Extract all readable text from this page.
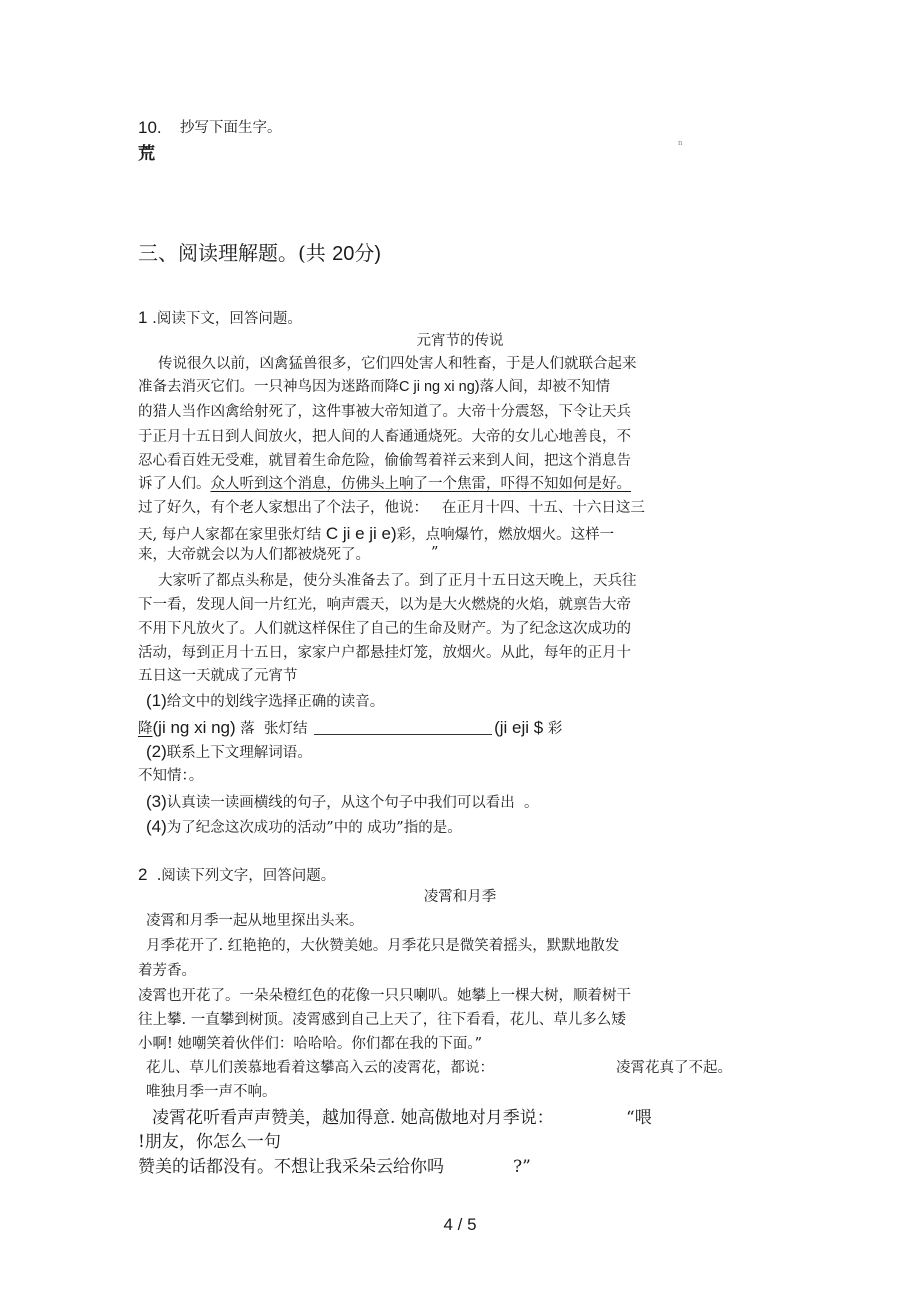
10. 抄写下面生字。
荒
n
三、阅读理解题。(共 20分)
1 .阅读下文，回答问题。
元宵节的传说
传说很久以前，凶禽猛兽很多，它们四处害人和牲畜，于是人们就联合起来
准备去消灭它们。一只神鸟因为迷路而降C ji ng xi ng)落人间，却被不知情
的猎人当作凶禽给射死了，这件事被大帝知道了。大帝十分震怒，下令让天兵
于正月十五日到人间放火，把人间的人畜通通烧死。大帝的女儿心地善良，不
忍心看百姓无受难，就冒着生命危险，偷偷驾着祥云来到人间，把这个消息告
诉了人们。众人听到这个消息，仿佛头上响了一个焦雷，吓得不知如何是好。
过了好久，有个老人家想出了个法子，他说： 在正月十四、十五、十六日这三
天, 每户人家都在家里张灯结 C ji e ji e)彩，点响爆竹，燃放烟火。这样一
来，大帝就会以为人们都被烧死了。	”
大家听了都点头称是，使分头准备去了。到了正月十五日这天晚上，天兵往
下一看，发现人间一片红光，响声震天，以为是大火燃烧的火焰，就禀告大帝
不用下凡放火了。人们就这样保住了自己的生命及财产。为了纪念这次成功的
活动，每到正月十五日，家家户户都悬挂灯笼，放烟火。从此，每年的正月十
五日这一天就成了元宵节
(1)给文中的划线字选择正确的读音。
降(ji ng xi ng) 落  张灯结	(ji eji $ 彩
(2)联系上下文理解词语。
不知情：。
(3)认真读一读画横线的句子，从这个句子中我们可以看出  。
(4)为了纪念这次成功的活动”中的 成功”指的是。
2 .阅读下列文字，回答问题。
凌霄和月季
凌霄和月季一起从地里探出头来。
月季花开了. 红艳艳的，大伙赞美她。月季花只是微笑着摇头，默默地散发
着芳香。
凌霄也开花了。一朵朵橙红色的花像一只只喇叭。她攀上一棵大树，顺着树干
往上攀. 一直攀到树顶。凌霄感到自己上天了，往下看看，花儿、草儿多么矮
小啊! 她嘲笑着伙伴们：哈哈哈。你们都在我的下面。”
花儿、草儿们羡慕地看着这攀高入云的凌霄花，都说：	凌霄花真了不起。
唯独月季一声不响。
凌霄花听看声声赞美，越加得意. 她高傲地对月季说：	“喂
!朋友，你怎么一句
赞美的话都没有。不想让我采朵云给你吗	?”
4 / 5
